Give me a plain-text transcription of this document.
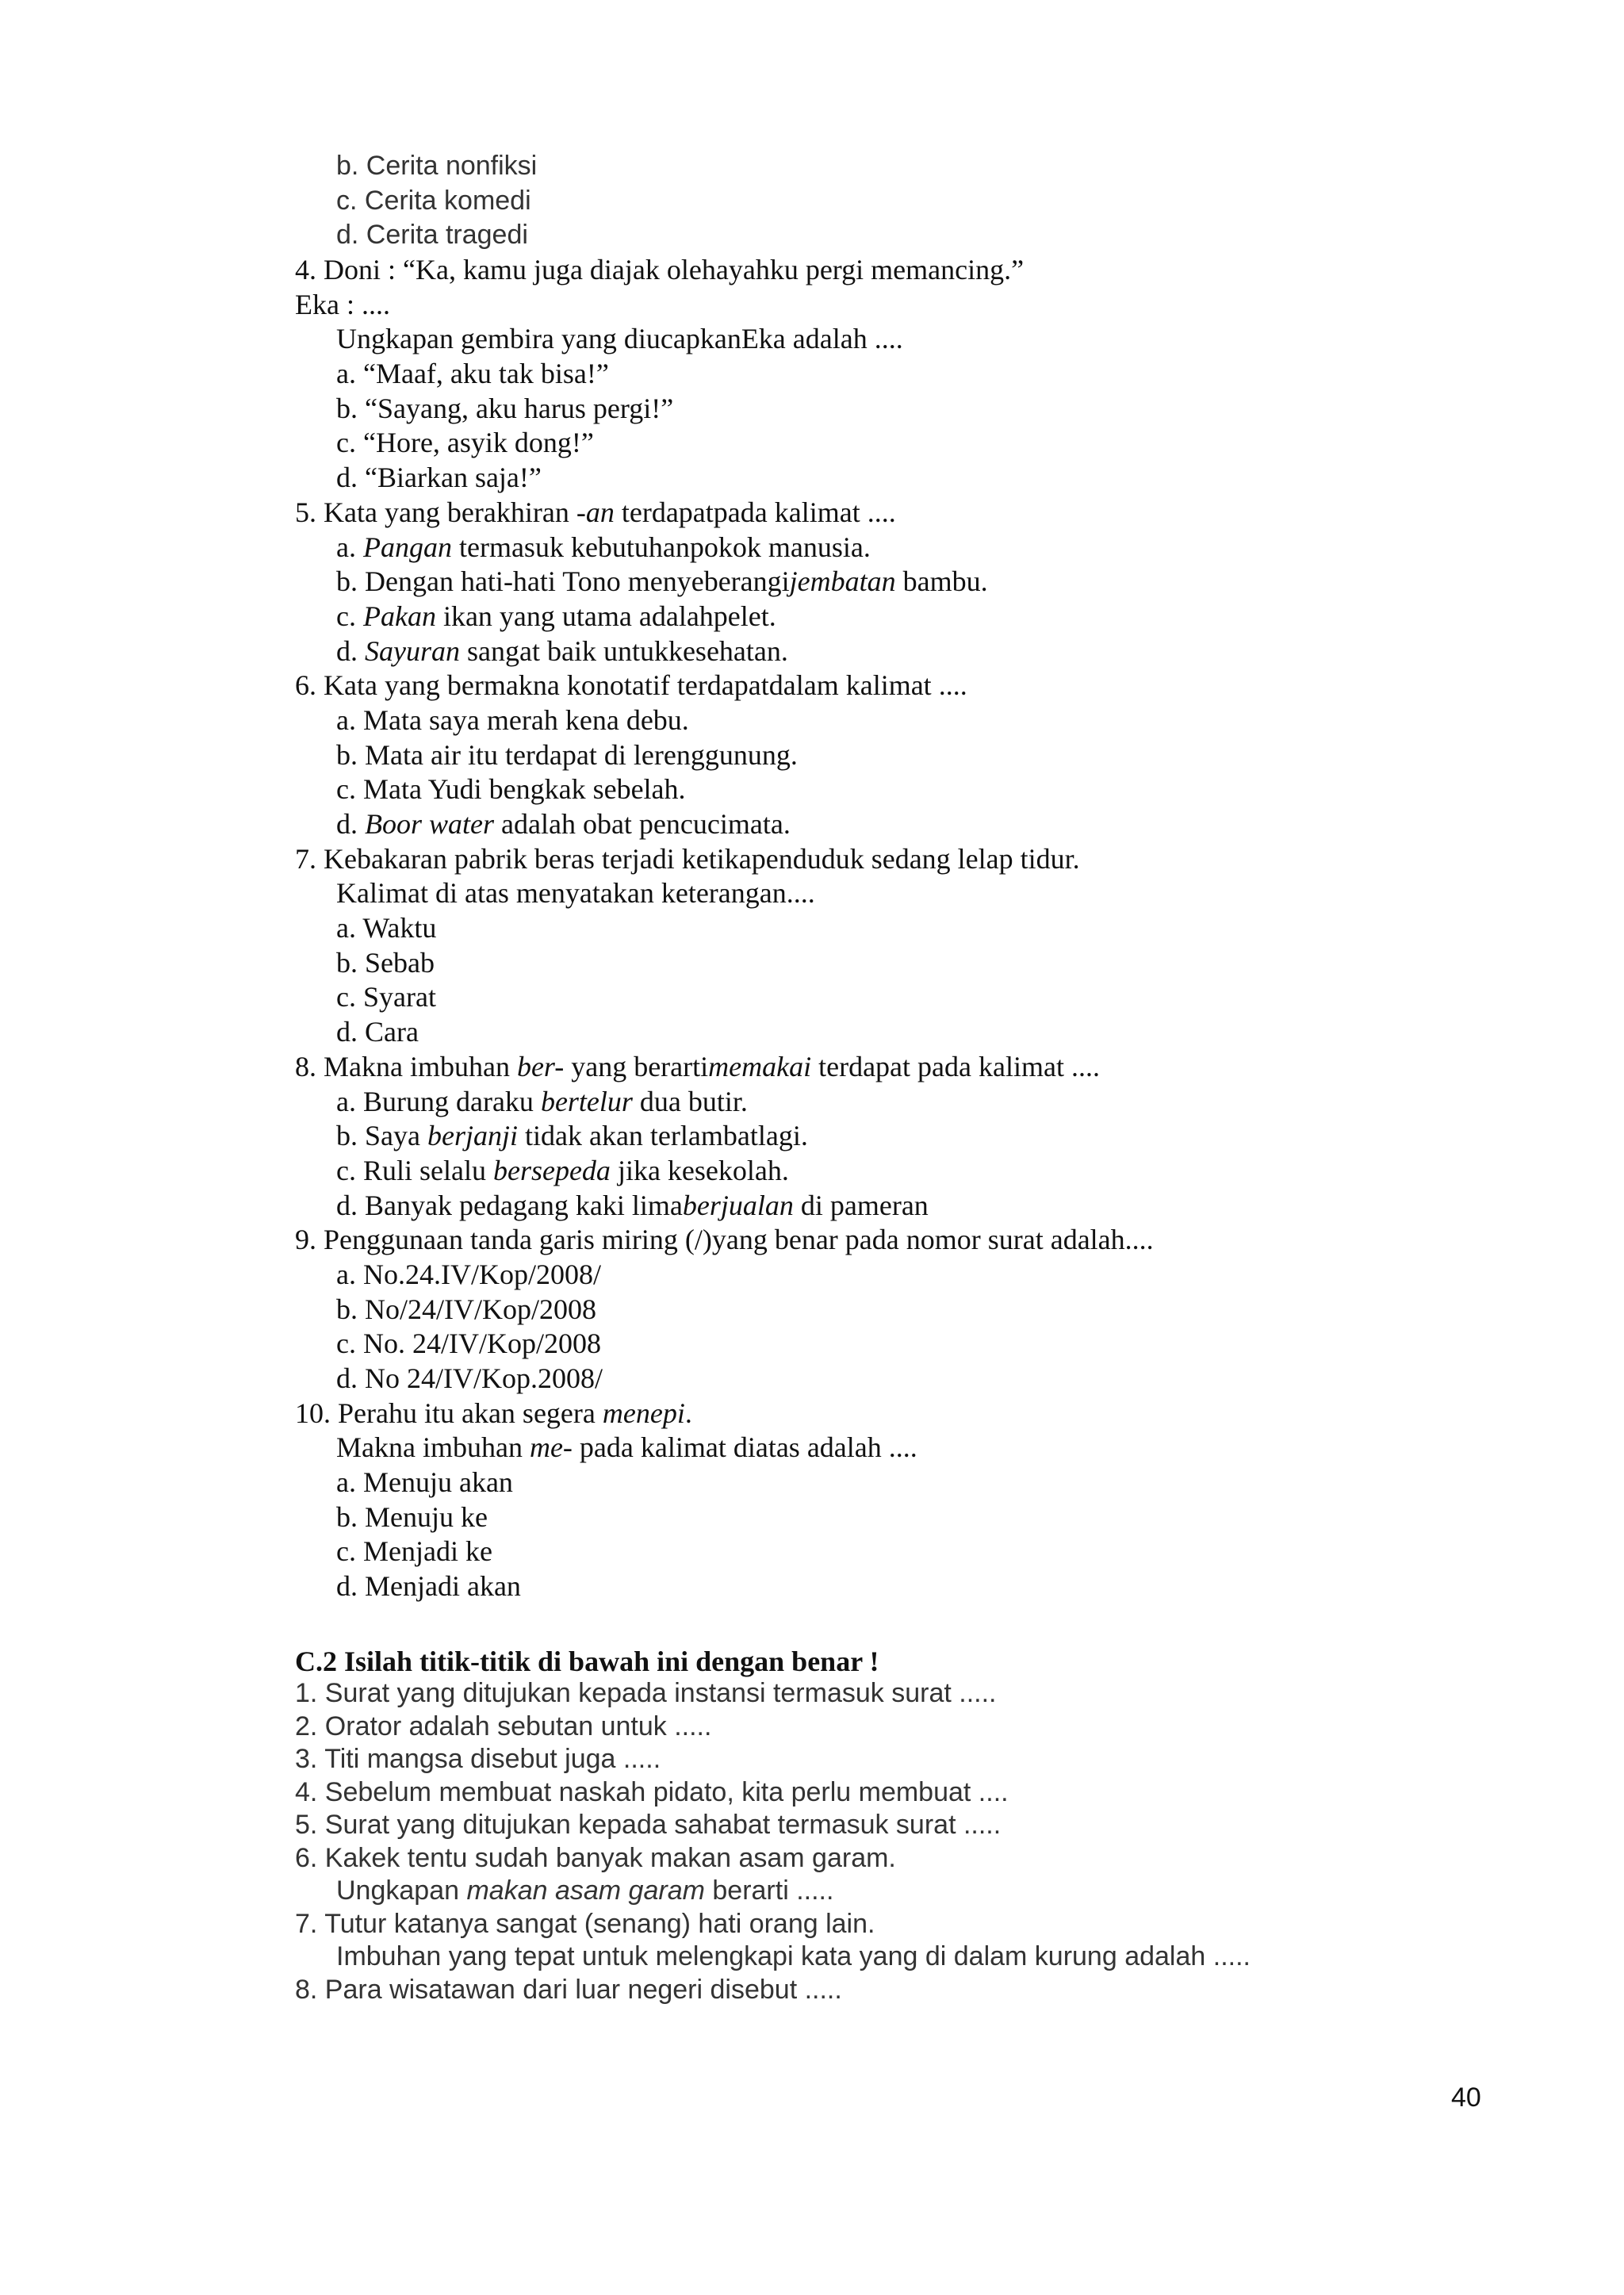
b. Cerita nonfiksi
c. Cerita komedi
d. Cerita tragedi
4. Doni : “Ka, kamu juga diajak olehayahku pergi memancing.”
Eka : ....
Ungkapan gembira yang diucapkanEka adalah ....
a. “Maaf, aku tak bisa!”
b. “Sayang, aku harus pergi!”
c. “Hore, asyik dong!”
d. “Biarkan saja!”
5. Kata yang berakhiran -an terdapatpada kalimat ....
a. Pangan termasuk kebutuhanpokok manusia.
b. Dengan hati-hati Tono menyeberangijembatan bambu.
c. Pakan ikan yang utama adalahpelet.
d. Sayuran sangat baik untukkesehatan.
6. Kata yang bermakna konotatif terdapatdalam kalimat ....
a. Mata saya merah kena debu.
b. Mata air itu terdapat di lerenggunung.
c. Mata Yudi bengkak sebelah.
d. Boor water adalah obat pencucimata.
7. Kebakaran pabrik beras terjadi ketikapenduduk sedang lelap tidur.
Kalimat di atas menyatakan keterangan....
a. Waktu
b. Sebab
c. Syarat
d. Cara
8. Makna imbuhan ber- yang berartimemakai terdapat pada kalimat ....
a. Burung daraku bertelur dua butir.
b. Saya berjanji tidak akan terlambatlagi.
c. Ruli selalu bersepeda jika kesekolah.
d. Banyak pedagang kaki limaberjualan di pameran
9. Penggunaan tanda garis miring (/)yang benar pada nomor surat adalah....
a. No.24.IV/Kop/2008/
b. No/24/IV/Kop/2008
c. No. 24/IV/Kop/2008
d. No 24/IV/Kop.2008/
10. Perahu itu akan segera menepi.
Makna imbuhan me- pada kalimat diatas adalah ....
a. Menuju akan
b. Menuju ke
c. Menjadi ke
d. Menjadi akan
C.2 Isilah titik-titik di bawah ini dengan benar !
1. Surat yang ditujukan kepada instansi termasuk surat .....
2. Orator adalah sebutan untuk .....
3. Titi mangsa disebut juga .....
4. Sebelum membuat naskah pidato, kita perlu membuat ....
5. Surat yang ditujukan kepada sahabat termasuk surat .....
6. Kakek tentu sudah banyak makan asam garam.
Ungkapan makan asam garam berarti .....
7. Tutur katanya sangat (senang) hati orang lain.
Imbuhan yang tepat untuk melengkapi kata yang di dalam kurung adalah .....
8. Para wisatawan dari luar negeri disebut .....
40
